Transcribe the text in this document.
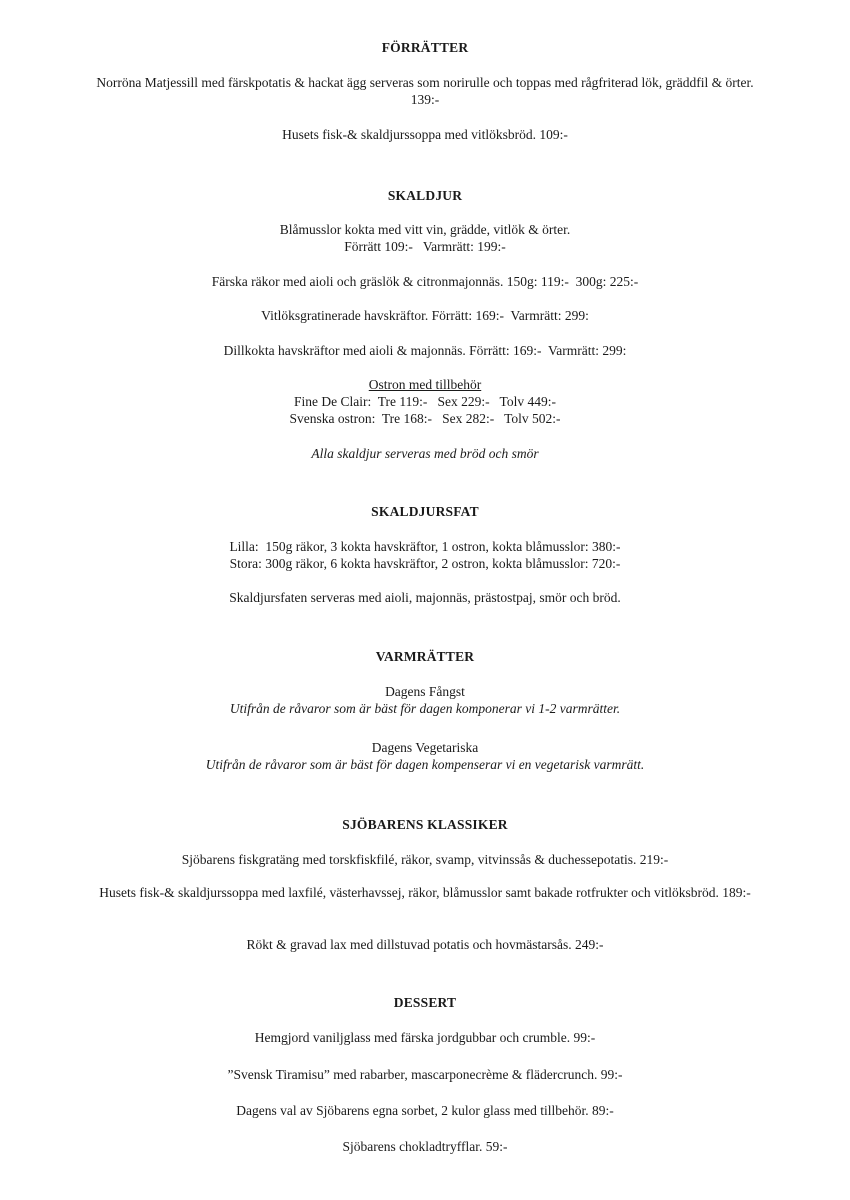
FÖRRÄTTER
Norröna Matjessill med färskpotatis & hackat ägg serveras som norirulle och toppas med rågfriterad lök, gräddfil & örter. 139:-
Husets fisk-& skaldjurssoppa med vitlöksbröd. 109:-
SKALDJUR
Blåmusslor kokta med vitt vin, grädde, vitlök & örter.
Förrätt 109:- Varmrätt: 199:-
Färska räkor med aioli och gräslök & citronmajonnäs. 150g: 119:-  300g: 225:-
Vitlöksgratinerade havskräftor. Förrätt: 169:-  Varmrätt: 299:
Dillkokta havskräftor med aioli & majonnäs. Förrätt: 169:-  Varmrätt: 299:
Ostron med tillbehör
Fine De Clair:  Tre 119:-   Sex 229:-   Tolv 449:-
Svenska ostron:  Tre 168:-   Sex 282:-   Tolv 502:-
Alla skaldjur serveras med bröd och smör
SKALDJURSFAT
Lilla:  150g räkor, 3 kokta havskräftor, 1 ostron, kokta blåmusslor: 380:-
Stora: 300g räkor, 6 kokta havskräftor, 2 ostron, kokta blåmusslor: 720:-
Skaldjursfaten serveras med aioli, majonnäs, prästostpaj, smör och bröd.
VARMRÄTTER
Dagens Fångst
Utifrån de råvaror som är bäst för dagen komponerar vi 1-2 varmrätter.
Dagens Vegetariska
Utifrån de råvaror som är bäst för dagen kompenserar vi en vegetarisk varmrätt.
SJÖBARENS KLASSIKER
Sjöbarens fiskgratäng med torskfiskfilé, räkor, svamp, vitvinssås & duchessepotatis. 219:-
Husets fisk-& skaldjurssoppa med laxfilé, västerhavssej, räkor, blåmusslor samt bakade rotfrukter och vitlöksbröd. 189:-
Rökt & gravad lax med dillstuvad potatis och hovmästarsås. 249:-
DESSERT
Hemgjord vaniljglass med färska jordgubbar och crumble. 99:-
”Svensk Tiramisu” med rabarber, mascarponecrème & flädercrunch. 99:-
Dagens val av Sjöbarens egna sorbet, 2 kulor glass med tillbehör. 89:-
Sjöbarens chokladtryfflar. 59:-
